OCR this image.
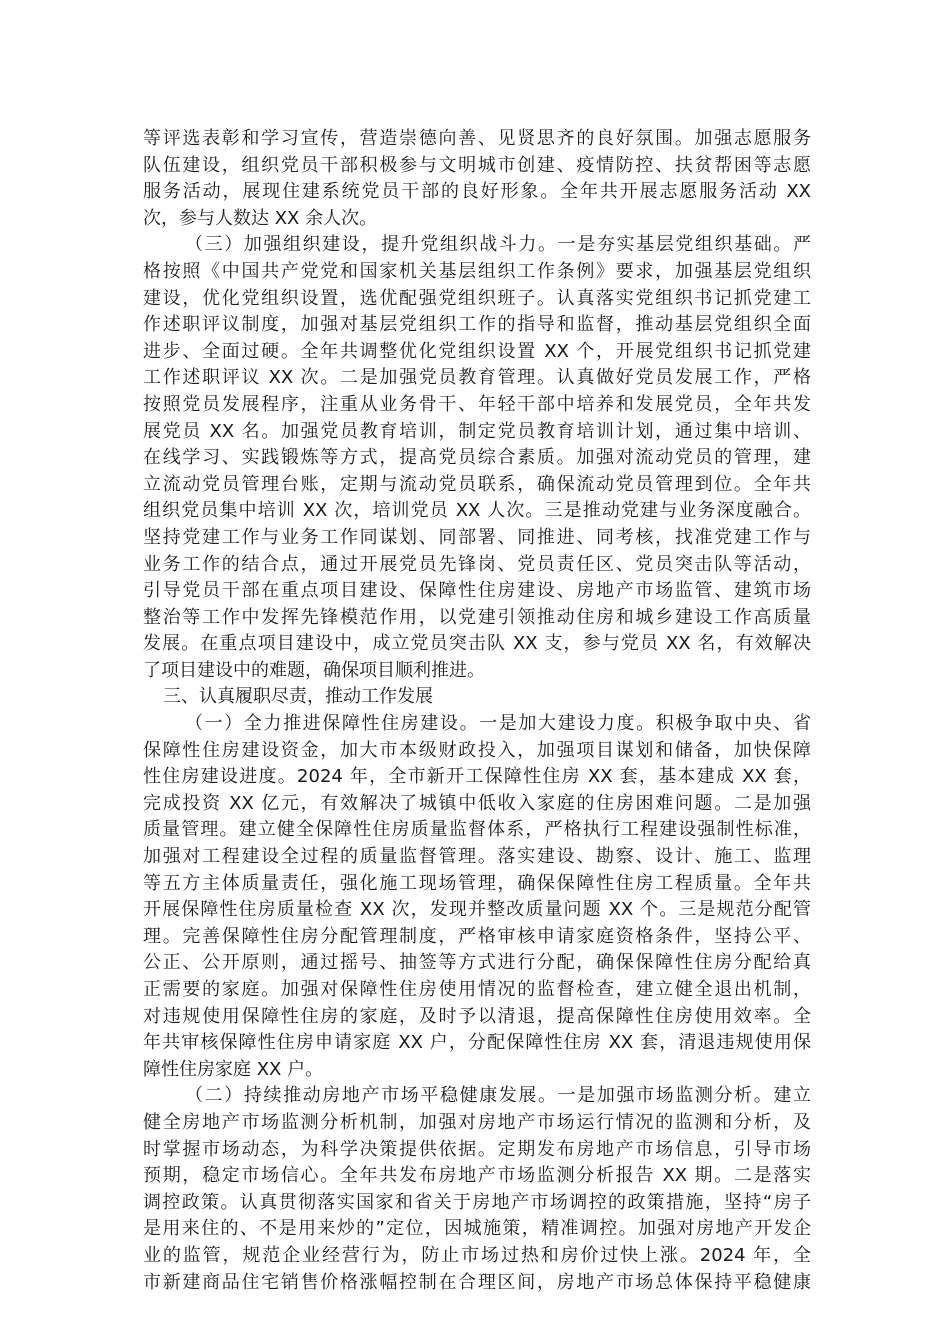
等评选表彰和学习宣传，营造崇德向善、见贤思齐的良好氛围。加强志愿服务
队伍建设，组织党员干部积极参与文明城市创建、疫情防控、扶贫帮困等志愿
服务活动，展现住建系统党员干部的良好形象。全年共开展志愿服务活动 XX
次，参与人数达 XX 余人次。
（三）加强组织建设，提升党组织战斗力。一是夯实基层党组织基础。严
格按照《中国共产党党和国家机关基层组织工作条例》要求，加强基层党组织
建设，优化党组织设置，选优配强党组织班子。认真落实党组织书记抓党建工
作述职评议制度，加强对基层党组织工作的指导和监督，推动基层党组织全面
进步、全面过硬。全年共调整优化党组织设置 XX 个，开展党组织书记抓党建
工作述职评议 XX 次。二是加强党员教育管理。认真做好党员发展工作，严格
按照党员发展程序，注重从业务骨干、年轻干部中培养和发展党员，全年共发
展党员 XX 名。加强党员教育培训，制定党员教育培训计划，通过集中培训、
在线学习、实践锻炼等方式，提高党员综合素质。加强对流动党员的管理，建
立流动党员管理台账，定期与流动党员联系，确保流动党员管理到位。全年共
组织党员集中培训 XX 次，培训党员 XX 人次。三是推动党建与业务深度融合。
坚持党建工作与业务工作同谋划、同部署、同推进、同考核，找准党建工作与
业务工作的结合点，通过开展党员先锋岗、党员责任区、党员突击队等活动，
引导党员干部在重点项目建设、保障性住房建设、房地产市场监管、建筑市场
整治等工作中发挥先锋模范作用，以党建引领推动住房和城乡建设工作高质量
发展。在重点项目建设中，成立党员突击队 XX 支，参与党员 XX 名，有效解决
了项目建设中的难题，确保项目顺利推进。
三、认真履职尽责，推动工作发展
（一）全力推进保障性住房建设。一是加大建设力度。积极争取中央、省
保障性住房建设资金，加大市本级财政投入，加强项目谋划和储备，加快保障
性住房建设进度。2024 年，全市新开工保障性住房 XX 套，基本建成 XX 套，
完成投资 XX 亿元，有效解决了城镇中低收入家庭的住房困难问题。二是加强
质量管理。建立健全保障性住房质量监督体系，严格执行工程建设强制性标准，
加强对工程建设全过程的质量监督管理。落实建设、勘察、设计、施工、监理
等五方主体质量责任，强化施工现场管理，确保保障性住房工程质量。全年共
开展保障性住房质量检查 XX 次，发现并整改质量问题 XX 个。三是规范分配管
理。完善保障性住房分配管理制度，严格审核申请家庭资格条件，坚持公平、
公正、公开原则，通过摇号、抽签等方式进行分配，确保保障性住房分配给真
正需要的家庭。加强对保障性住房使用情况的监督检查，建立健全退出机制，
对违规使用保障性住房的家庭，及时予以清退，提高保障性住房使用效率。全
年共审核保障性住房申请家庭 XX 户，分配保障性住房 XX 套，清退违规使用保
障性住房家庭 XX 户。
（二）持续推动房地产市场平稳健康发展。一是加强市场监测分析。建立
健全房地产市场监测分析机制，加强对房地产市场运行情况的监测和分析，及
时掌握市场动态，为科学决策提供依据。定期发布房地产市场信息，引导市场
预期，稳定市场信心。全年共发布房地产市场监测分析报告 XX 期。二是落实
调控政策。认真贯彻落实国家和省关于房地产市场调控的政策措施，坚持“房子
是用来住的、不是用来炒的”定位，因城施策，精准调控。加强对房地产开发企
业的监管，规范企业经营行为，防止市场过热和房价过快上涨。2024 年，全
市新建商品住宅销售价格涨幅控制在合理区间，房地产市场总体保持平稳健康
